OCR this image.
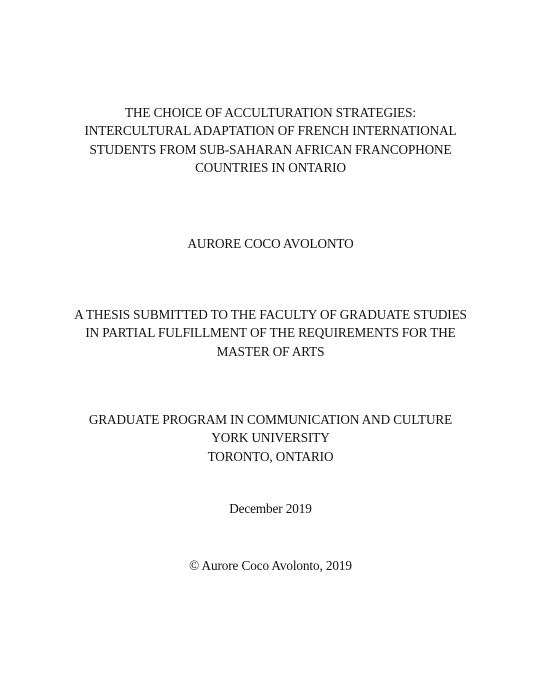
THE CHOICE OF ACCULTURATION STRATEGIES:
INTERCULTURAL ADAPTATION OF FRENCH INTERNATIONAL
STUDENTS FROM SUB-SAHARAN AFRICAN FRANCOPHONE
COUNTRIES IN ONTARIO
AURORE COCO AVOLONTO
A THESIS SUBMITTED TO THE FACULTY OF GRADUATE STUDIES
IN PARTIAL FULFILLMENT OF THE REQUIREMENTS FOR THE
MASTER OF ARTS
GRADUATE PROGRAM IN COMMUNICATION AND CULTURE
YORK UNIVERSITY
TORONTO, ONTARIO
December 2019
© Aurore Coco Avolonto, 2019
